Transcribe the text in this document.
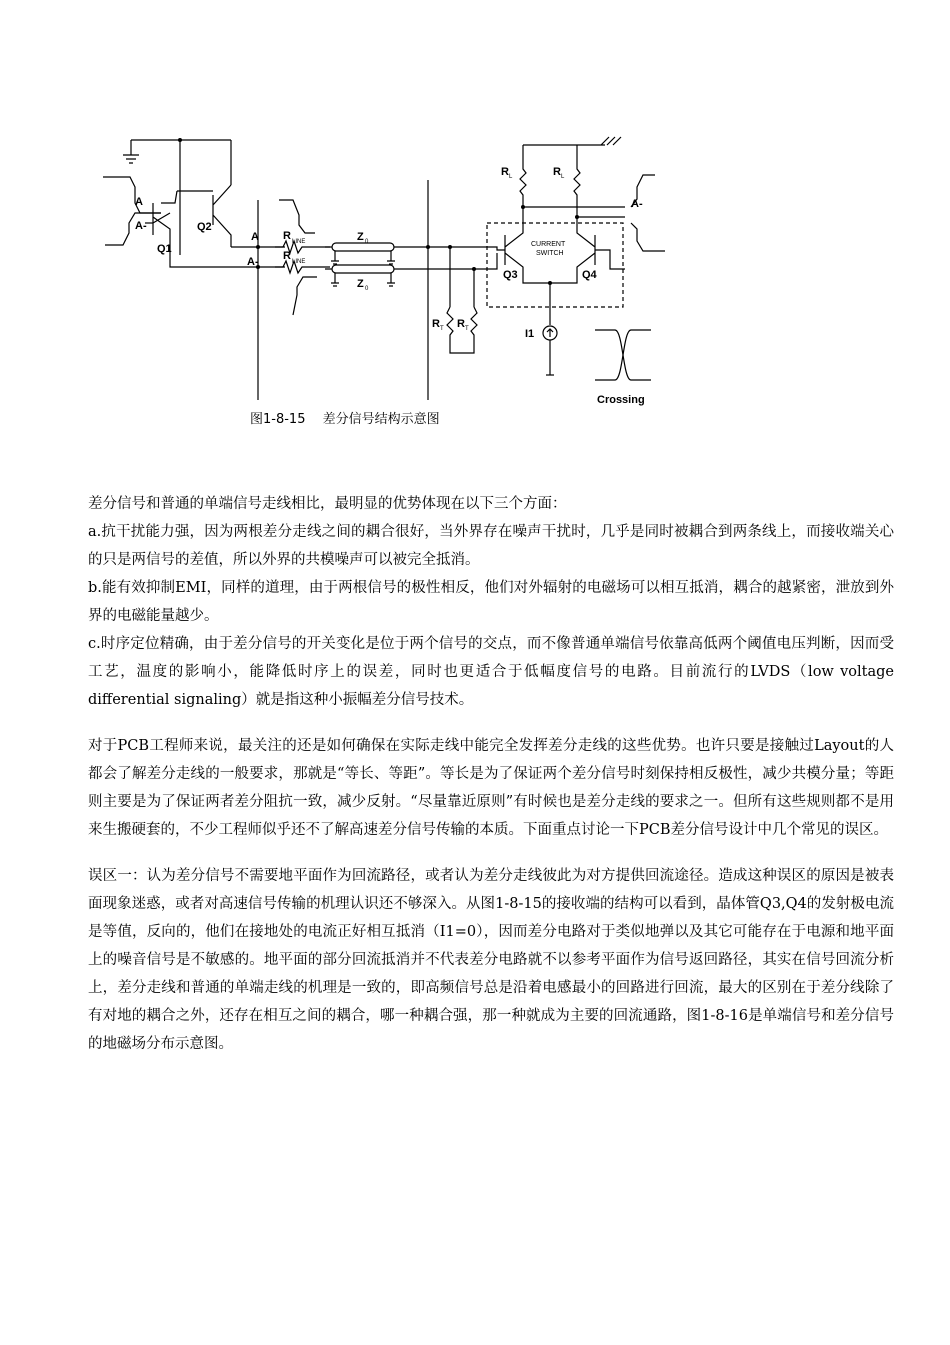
A
A-
Q1
Q2
A
A-
R LINE
R LINE
Z 0
Z 0
R L	R L
CURRENT
SWITCH
Q3	Q4
R T R T	I1
A-
Crossing
图1-8-15　 差分信号结构示意图

差分信号和普通的单端信号走线相比，最明显的优势体现在以下三个方面：

a.抗干扰能力强，因为两根差分走线之间的耦合很好，当外界存在噪声干扰时，几乎是同时被耦合到两条线上，而接收端关心的只是两信号的差值，所以外界的共模噪声可以被完全抵消。

b.能有效抑制EMI，同样的道理，由于两根信号的极性相反，他们对外辐射的电磁场可以相互抵消，耦合的越紧密，泄放到外界的电磁能量越少。

c.时序定位精确，由于差分信号的开关变化是位于两个信号的交点，而不像普通单端信号依靠高低两个阈值电压判断，因而受工艺，温度的影响小，能降低时序上的误差，同时也更适合于低幅度信号的电路。目前流行的LVDS（low voltage differential signaling）就是指这种小振幅差分信号技术。

对于PCB工程师来说，最关注的还是如何确保在实际走线中能完全发挥差分走线的这些优势。也许只要是接触过Layout的人都会了解差分走线的一般要求，那就是“等长、等距”。等长是为了保证两个差分信号时刻保持相反极性，减少共模分量；等距则主要是为了保证两者差分阻抗一致，减少反射。“尽量靠近原则”有时候也是差分走线的要求之一。但所有这些规则都不是用来生搬硬套的，不少工程师似乎还不了解高速差分信号传输的本质。下面重点讨论一下PCB差分信号设计中几个常见的误区。

误区一：认为差分信号不需要地平面作为回流路径，或者认为差分走线彼此为对方提供回流途径。造成这种误区的原因是被表面现象迷惑，或者对高速信号传输的机理认识还不够深入。从图1-8-15的接收端的结构可以看到，晶体管Q3,Q4的发射极电流是等值，反向的，他们在接地处的电流正好相互抵消（I1=0），因而差分电路对于类似地弹以及其它可能存在于电源和地平面上的噪音信号是不敏感的。地平面的部分回流抵消并不代表差分电路就不以参考平面作为信号返回路径，其实在信号回流分析上，差分走线和普通的单端走线的机理是一致的，即高频信号总是沿着电感最小的回路进行回流，最大的区别在于差分线除了有对地的耦合之外，还存在相互之间的耦合，哪一种耦合强，那一种就成为主要的回流通路，图1-8-16是单端信号和差分信号的地磁场分布示意图。
